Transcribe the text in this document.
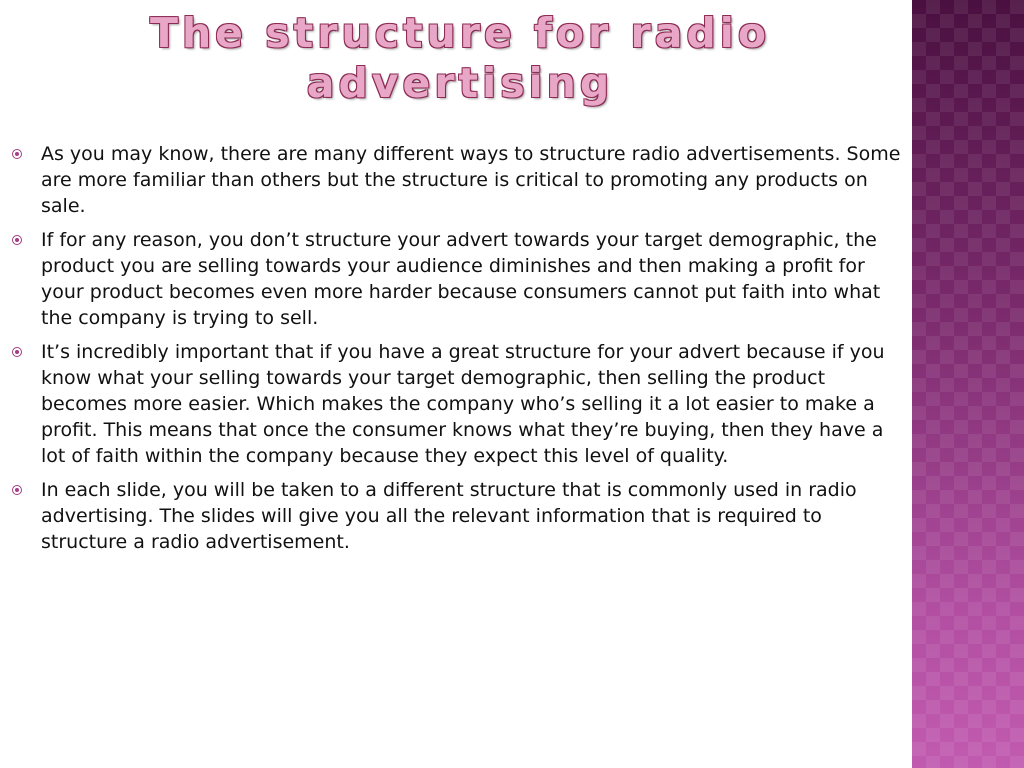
The structure for radio advertising
As you may know, there are many different ways to structure radio advertisements. Some are more familiar than others but the structure is critical to promoting any products on sale.
If for any reason, you don’t structure your advert towards your target demographic, the product you are selling towards your audience diminishes and then making a profit for your product becomes even more harder because consumers cannot put faith into what the company is trying to sell.
It’s incredibly important that if you have a great structure for your advert because if you know what your selling towards your target demographic, then selling the product becomes more easier. Which makes the company who’s selling it a lot easier to make a profit. This means that once the consumer knows what they’re buying, then they have a lot of faith within the company because they expect this level of quality.
In each slide, you will be taken to a different structure that is commonly used in radio advertising. The slides will give you all the relevant information that is required to structure a radio advertisement.
